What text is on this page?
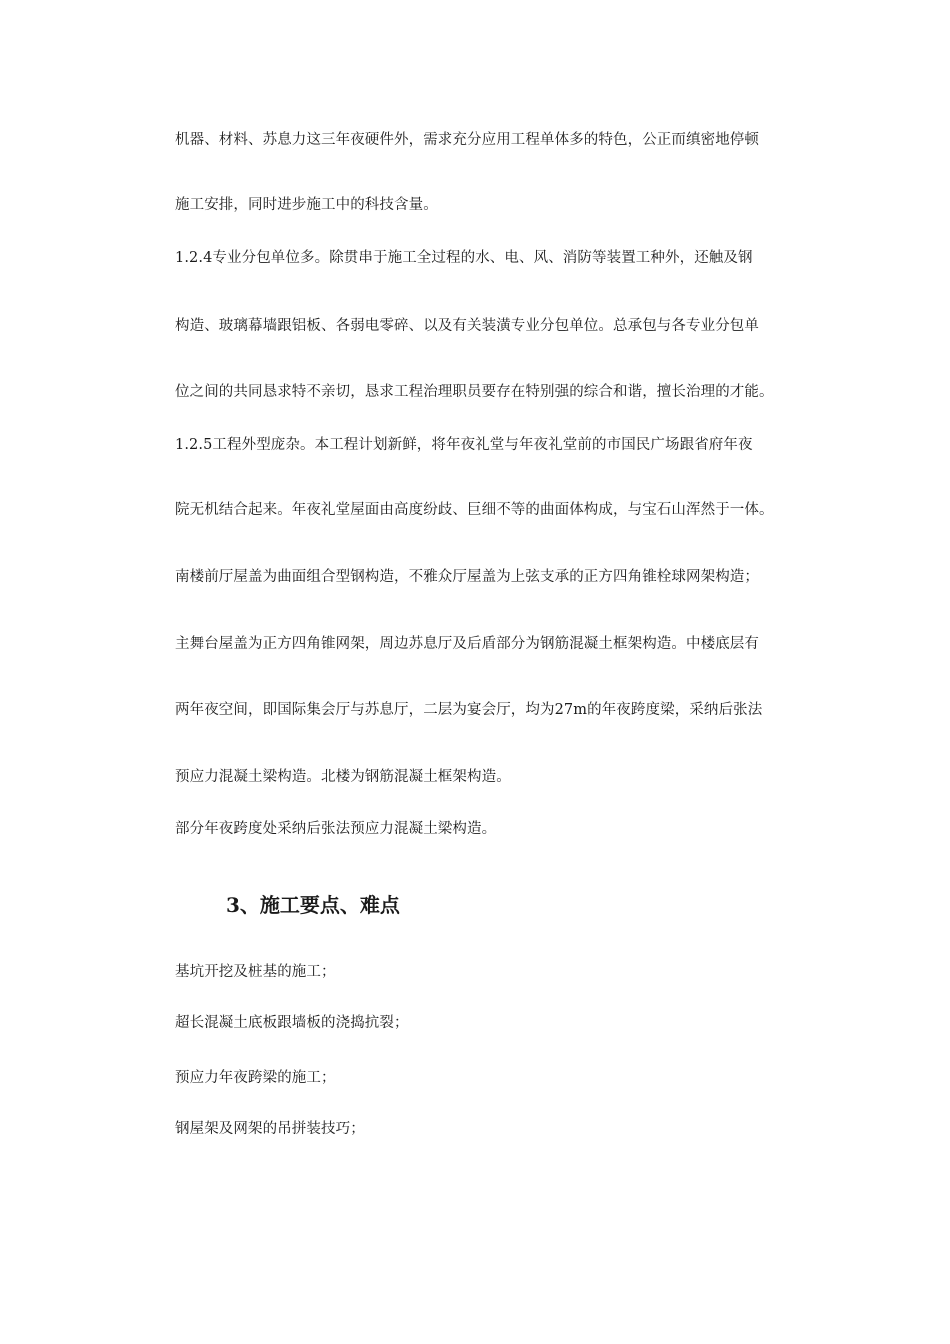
机器、材料、苏息力这三年夜硬件外，需求充分应用工程单体多的特色，公正而缜密地停顿
施工安排，同时进步施工中的科技含量。
1.2.4专业分包单位多。除贯串于施工全过程的水、电、风、消防等装置工种外，还触及钢
构造、玻璃幕墙跟铝板、各弱电零碎、以及有关装潢专业分包单位。总承包与各专业分包单
位之间的共同恳求特不亲切，恳求工程治理职员要存在特别强的综合和谐，擅长治理的才能。
1.2.5工程外型庞杂。本工程计划新鲜，将年夜礼堂与年夜礼堂前的市国民广场跟省府年夜
院无机结合起来。年夜礼堂屋面由高度纷歧、巨细不等的曲面体构成，与宝石山浑然于一体。
南楼前厅屋盖为曲面组合型钢构造，不雅众厅屋盖为上弦支承的正方四角锥栓球网架构造；
主舞台屋盖为正方四角锥网架，周边苏息厅及后盾部分为钢筋混凝土框架构造。中楼底层有
两年夜空间，即国际集会厅与苏息厅，二层为宴会厅，均为27m的年夜跨度梁，采纳后张法
预应力混凝土梁构造。北楼为钢筋混凝土框架构造。
部分年夜跨度处采纳后张法预应力混凝土梁构造。
3、施工要点、难点
基坑开挖及桩基的施工；
超长混凝土底板跟墙板的浇捣抗裂；
预应力年夜跨梁的施工；
钢屋架及网架的吊拼装技巧；
